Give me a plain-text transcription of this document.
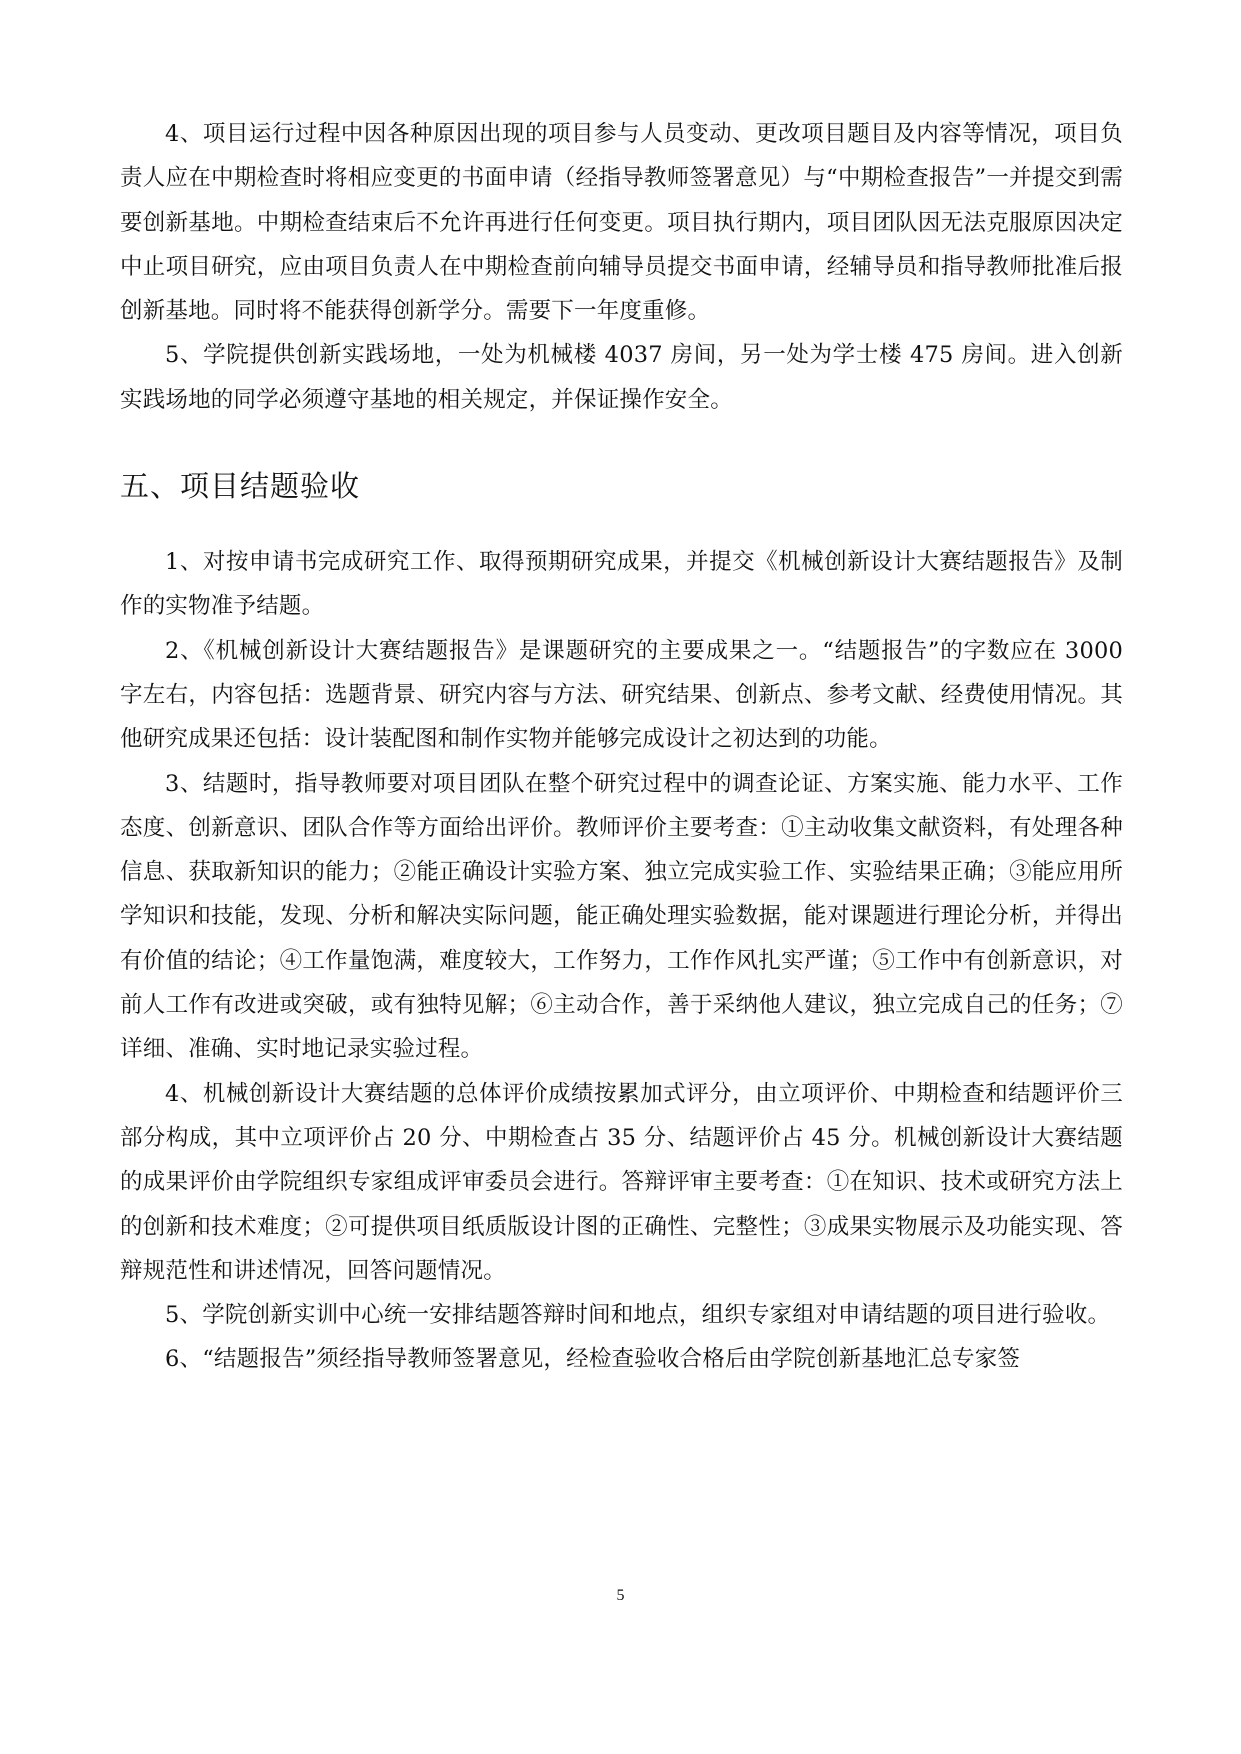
4、项目运行过程中因各种原因出现的项目参与人员变动、更改项目题目及内容等情况，项目负责人应在中期检查时将相应变更的书面申请（经指导教师签署意见）与“中期检查报告”一并提交到需要创新基地。中期检查结束后不允许再进行任何变更。项目执行期内，项目团队因无法克服原因决定中止项目研究，应由项目负责人在中期检查前向辅导员提交书面申请，经辅导员和指导教师批准后报创新基地。同时将不能获得创新学分。需要下一年度重修。

5、学院提供创新实践场地，一处为机械楼 4037 房间，另一处为学士楼 475 房间。进入创新实践场地的同学必须遵守基地的相关规定，并保证操作安全。

五、项目结题验收

1、对按申请书完成研究工作、取得预期研究成果，并提交《机械创新设计大赛结题报告》及制作的实物准予结题。

2、《机械创新设计大赛结题报告》是课题研究的主要成果之一。“结题报告”的字数应在 3000 字左右，内容包括：选题背景、研究内容与方法、研究结果、创新点、参考文献、经费使用情况。其他研究成果还包括：设计装配图和制作实物并能够完成设计之初达到的功能。

3、结题时，指导教师要对项目团队在整个研究过程中的调查论证、方案实施、能力水平、工作态度、创新意识、团队合作等方面给出评价。教师评价主要考查：①主动收集文献资料，有处理各种信息、获取新知识的能力；②能正确设计实验方案、独立完成实验工作、实验结果正确；③能应用所学知识和技能，发现、分析和解决实际问题，能正确处理实验数据，能对课题进行理论分析，并得出有价值的结论；④工作量饱满，难度较大，工作努力，工作作风扎实严谨；⑤工作中有创新意识，对前人工作有改进或突破，或有独特见解；⑥主动合作，善于采纳他人建议，独立完成自己的任务；⑦详细、准确、实时地记录实验过程。

4、机械创新设计大赛结题的总体评价成绩按累加式评分，由立项评价、中期检查和结题评价三部分构成，其中立项评价占 20 分、中期检查占 35 分、结题评价占 45 分。机械创新设计大赛结题的成果评价由学院组织专家组成评审委员会进行。答辩评审主要考查：①在知识、技术或研究方法上的创新和技术难度；②可提供项目纸质版设计图的正确性、完整性；③成果实物展示及功能实现、答辩规范性和讲述情况，回答问题情况。

5、学院创新实训中心统一安排结题答辩时间和地点，组织专家组对申请结题的项目进行验收。

6、“结题报告”须经指导教师签署意见，经检查验收合格后由学院创新基地汇总专家签

5
